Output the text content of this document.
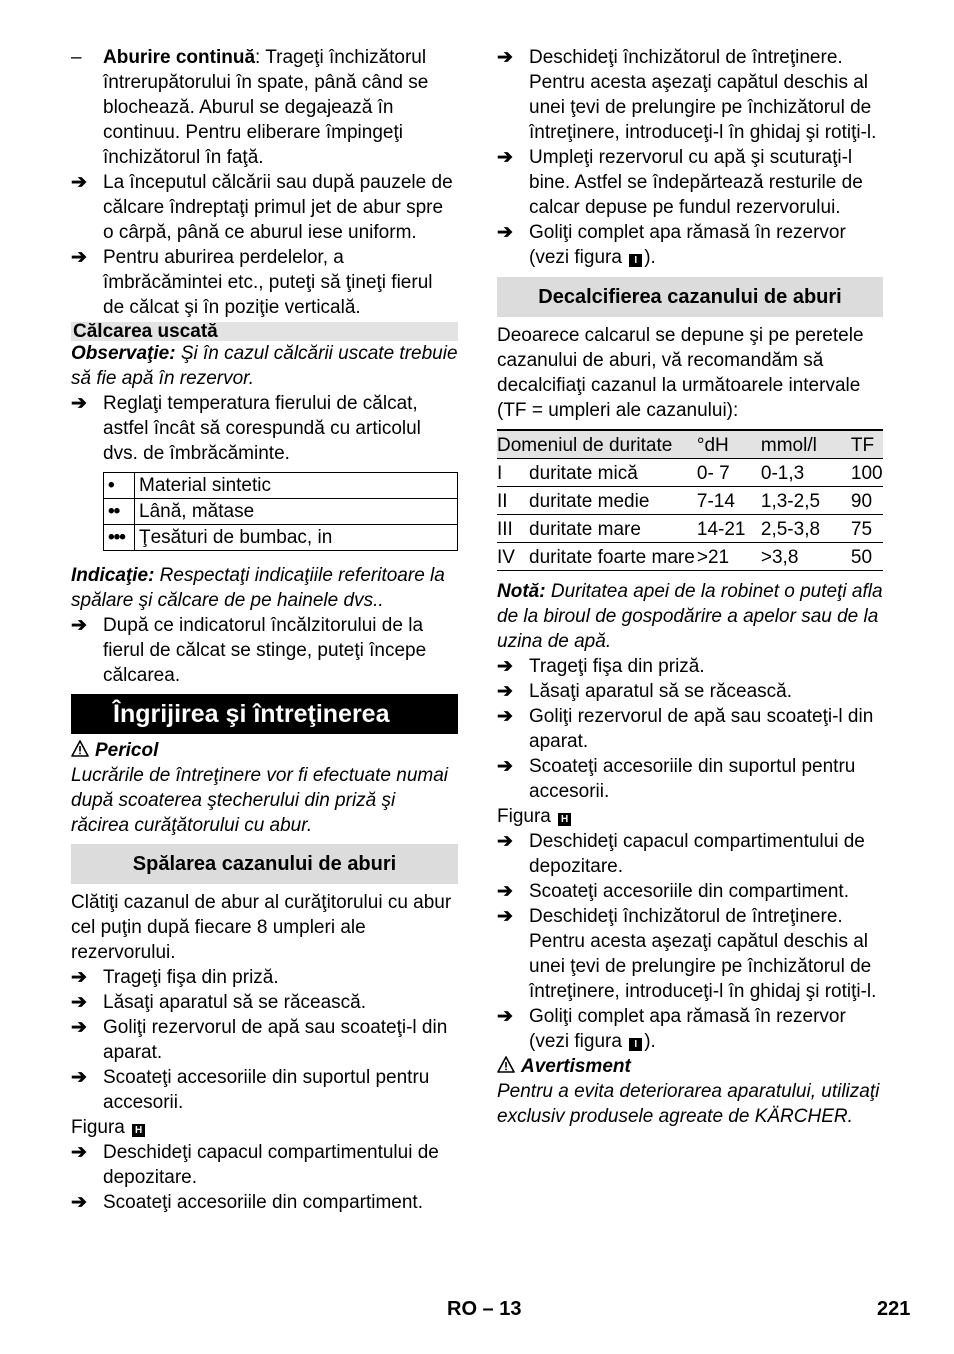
–	Aburire continuă: Trageţi închizătorul întrerupătorului în spate, până când se blochează. Aburul se degajează în continuu. Pentru eliberare împingeţi închizătorul în faţă.

➔ La începutul călcării sau după pauzele de călcare îndreptaţi primul jet de abur spre o cârpă, până ce aburul iese uniform.

➔ Pentru aburirea perdelelor, a îmbrăcămintei etc., puteţi să ţineţi fierul de călcat şi în poziţie verticală.

Călcarea uscată

Observaţie: Şi în cazul călcării uscate trebuie să fie apă în rezervor.

➔ Reglaţi temperatura fierului de călcat, astfel încât să corespundă cu articolul dvs. de îmbrăcăminte.

•	Material sintetic
••	Lână, mătase
•••	Ţesături de bumbac, in

Indicaţie: Respectaţi indicaţiile referitoare la spălare şi călcare de pe hainele dvs..

➔ După ce indicatorul încălzitorului de la fierul de călcat se stinge, puteţi începe călcarea.

Îngrijirea şi întreţinerea
Pericol

Lucrările de întreţinere vor fi efectuate numai după scoaterea ştecherului din priză şi răcirea curăţătorului cu abur.

Spălarea cazanului de aburi

Clătiţi cazanul de abur al curăţitorului cu abur cel puţin după fiecare 8 umpleri ale rezervorului.

➔ Trageţi fişa din priză.

➔ Lăsaţi aparatul să se răcească.

➔ Goliţi rezervorul de apă sau scoateţi-l din aparat.

➔ Scoateţi accesoriile din suportul pentru accesorii.

Figura H

➔ Deschideţi capacul compartimentului de depozitare.

➔ Scoateţi accesoriile din compartiment.

➔ Deschideţi închizătorul de întreţinere. Pentru acesta aşezaţi capătul deschis al unei ţevi de prelungire pe închizătorul de întreţinere, introduceţi-l în ghidaj şi rotiţi-l.

➔ Umpleţi rezervorul cu apă şi scuturaţi-l bine. Astfel se îndepărtează resturile de calcar depuse pe fundul rezervorului.

➔ Goliţi complet apa rămasă în rezervor (vezi figura I ).

Decalcifierea cazanului de aburi

Deoarece calcarul se depune şi pe peretele cazanului de aburi, vă recomandăm să decalcifiaţi cazanul la următoarele intervale (TF = umpleri ale cazanului):

Domeniul de duritate		°dH	mmol/l	TF
I	duritate mică	0- 7	0-1,3	100
II	duritate medie	7-14	1,3-2,5	90
III	duritate mare	14-21	2,5-3,8	75
IV	duritate foarte mare	>21	>3,8	50

Notă: Duritatea apei de la robinet o puteţi afla de la biroul de gospodărire a apelor sau de la uzina de apă.

➔ Trageţi fişa din priză.

➔ Lăsaţi aparatul să se răcească.

➔ Goliţi rezervorul de apă sau scoateţi-l din aparat.

➔ Scoateţi accesoriile din suportul pentru accesorii.

Figura H

➔ Deschideţi capacul compartimentului de depozitare.

➔ Scoateţi accesoriile din compartiment.

➔ Deschideţi închizătorul de întreţinere. Pentru acesta aşezaţi capătul deschis al unei ţevi de prelungire pe închizătorul de întreţinere, introduceţi-l în ghidaj şi rotiţi-l.

➔ Goliţi complet apa rămasă în rezervor (vezi figura I ).

Avertisment

Pentru a evita deteriorarea aparatului, utilizaţi exclusiv produsele agreate de KÄRCHER.

RO – 13	221
